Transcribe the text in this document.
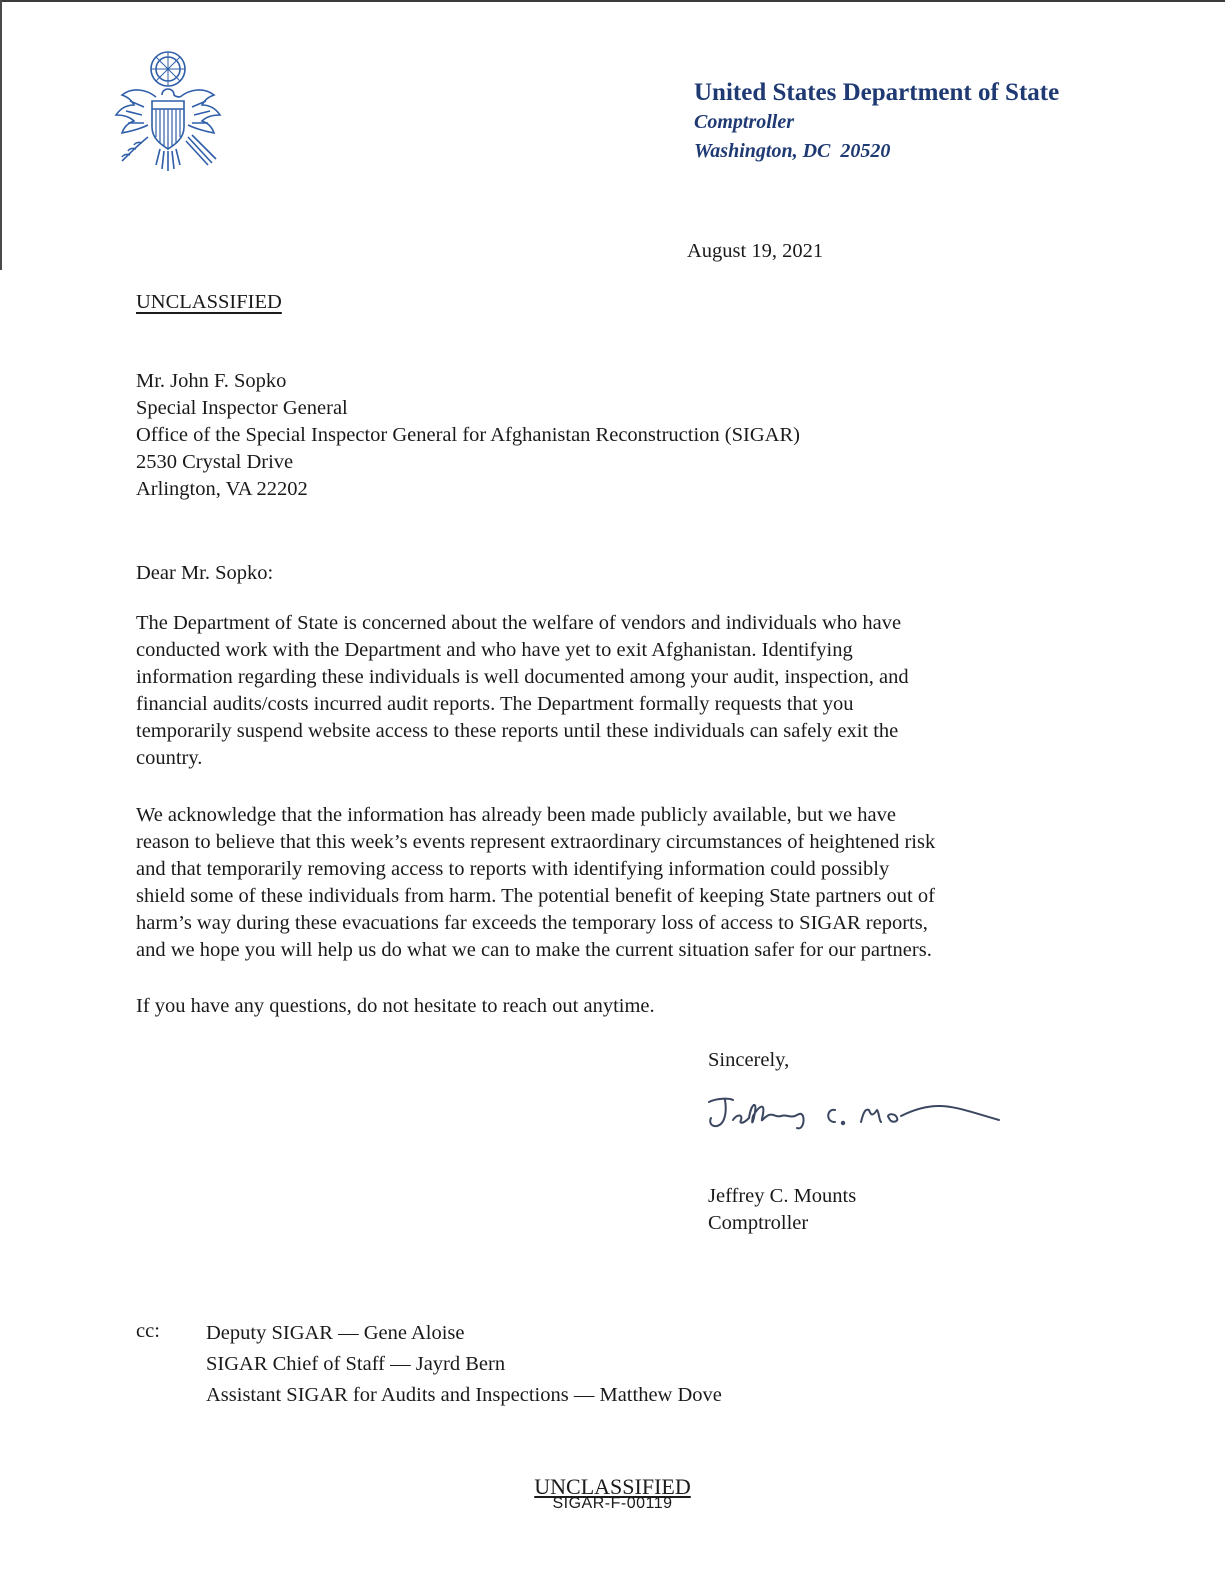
United States Department of State
Comptroller
Washington, DC  20520
August 19, 2021
UNCLASSIFIED
Mr. John F. Sopko
Special Inspector General
Office of the Special Inspector General for Afghanistan Reconstruction (SIGAR)
2530 Crystal Drive
Arlington, VA 22202
Dear Mr. Sopko:
The Department of State is concerned about the welfare of vendors and individuals who have
conducted work with the Department and who have yet to exit Afghanistan. Identifying
information regarding these individuals is well documented among your audit, inspection, and
financial audits/costs incurred audit reports. The Department formally requests that you
temporarily suspend website access to these reports until these individuals can safely exit the
country.
We acknowledge that the information has already been made publicly available, but we have
reason to believe that this week’s events represent extraordinary circumstances of heightened risk
and that temporarily removing access to reports with identifying information could possibly
shield some of these individuals from harm. The potential benefit of keeping State partners out of
harm’s way during these evacuations far exceeds the temporary loss of access to SIGAR reports,
and we hope you will help us do what we can to make the current situation safer for our partners.
If you have any questions, do not hesitate to reach out anytime.
Sincerely,
Jeffrey C. Mounts
Comptroller
cc: Deputy SIGAR — Gene Aloise
SIGAR Chief of Staff — Jayrd Bern
Assistant SIGAR for Audits and Inspections — Matthew Dove
UNCLASSIFIED
SIGAR-F-00119
